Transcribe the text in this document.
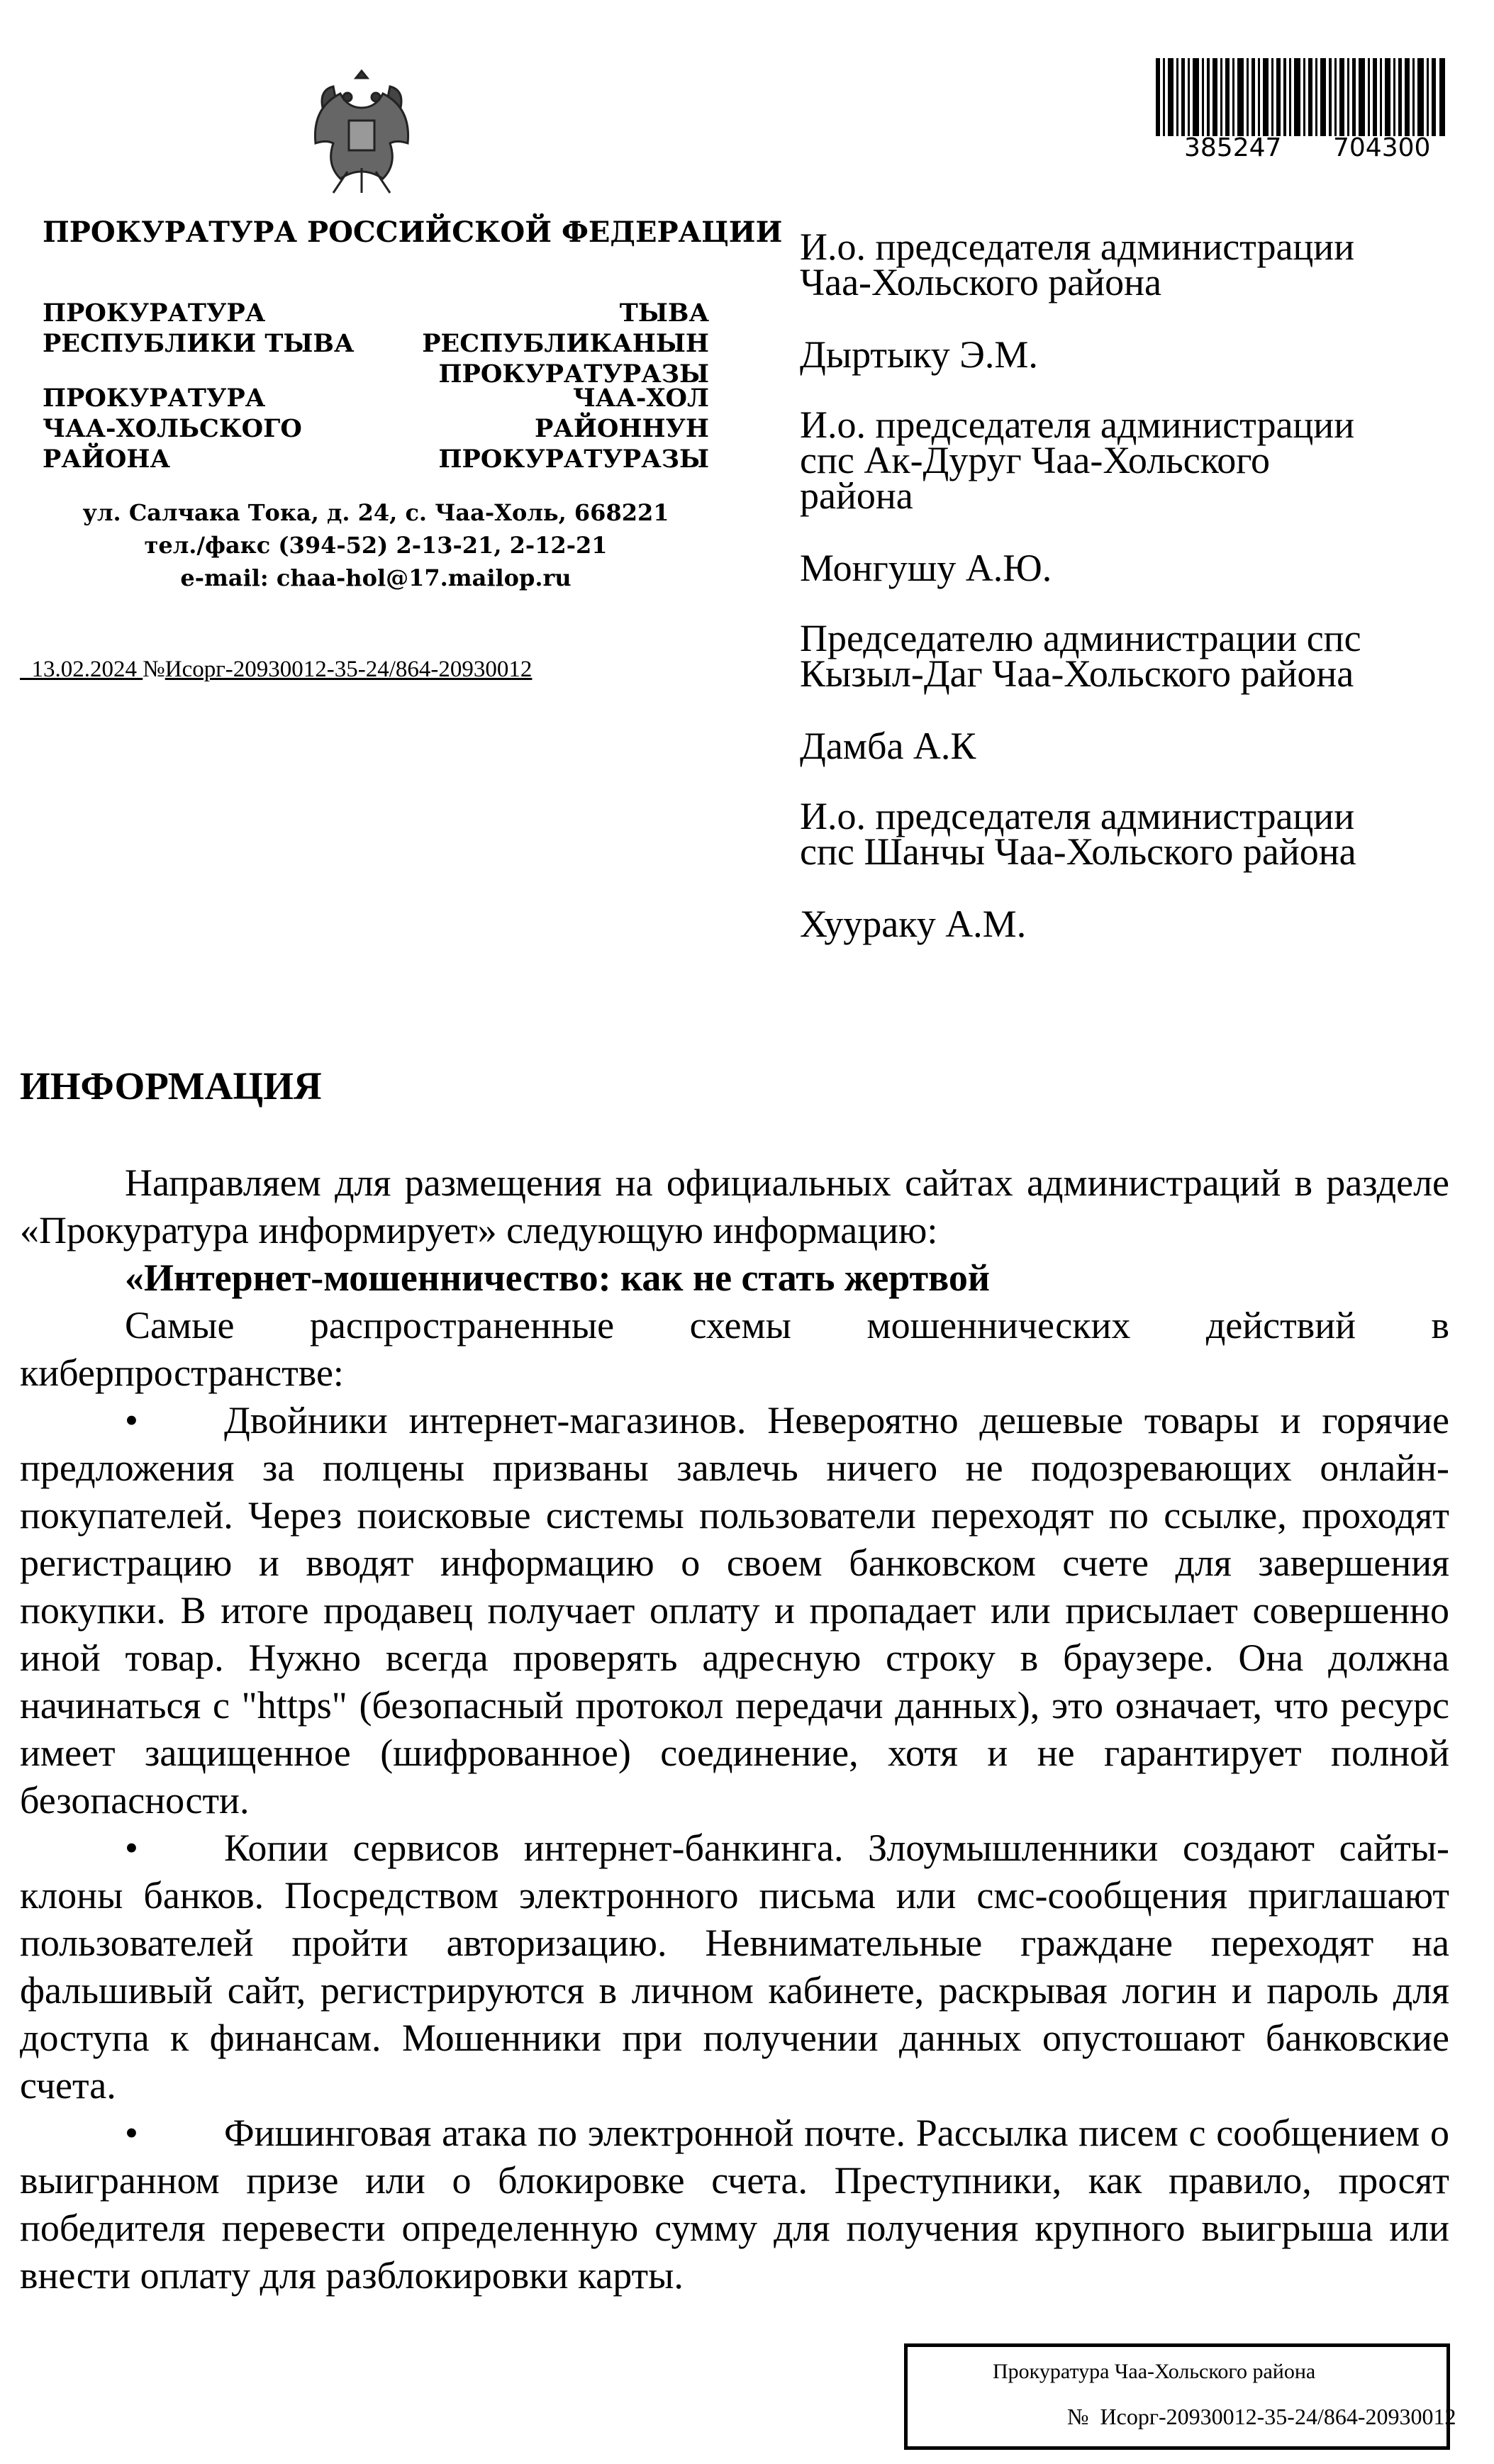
ПРОКУРАТУРА РОССИЙСКОЙ ФЕДЕРАЦИИ
ПРОКУРАТУРА
РЕСПУБЛИКИ ТЫВА
ТЫВА РЕСПУБЛИКАНЫН
ПРОКУРАТУРАЗЫ
ПРОКУРАТУРА
ЧАА-ХОЛЬСКОГО
РАЙОНА
ЧАА-ХОЛ
РАЙОННУН
ПРОКУРАТУРАЗЫ
ул. Салчака Тока, д. 24, с. Чаа-Холь, 668221
тел./факс (394-52) 2-13-21, 2-12-21
e-mail: chaa-hol@17.mailop.ru
13.02.2024 №Исорг-20930012-35-24/864-20930012
385247 704300
И.о. председателя администрации
Чаа-Хольского района
Дыртыку Э.М.
И.о. председателя администрации
спс Ак-Дуруг Чаа-Хольского
района
Монгушу А.Ю.
Председателю администрации спс
Кызыл-Даг Чаа-Хольского района
Дамба А.К
И.о. председателя администрации
спс Шанчы Чаа-Хольского района
Хуураку А.М.
ИНФОРМАЦИЯ

Направляем для размещения на официальных сайтах администраций в разделе «Прокуратура информирует» следующую информацию:

«Интернет-мошенничество: как не стать жертвой

Самые распространенные схемы мошеннических действий в киберпространстве:

• Двойники интернет-магазинов. Невероятно дешевые товары и горячие предложения за полцены призваны завлечь ничего не подозревающих онлайн-покупателей. Через поисковые системы пользователи переходят по ссылке, проходят регистрацию и вводят информацию о своем банковском счете для завершения покупки. В итоге продавец получает оплату и пропадает или присылает совершенно иной товар. Нужно всегда проверять адресную строку в браузере. Она должна начинаться с "https" (безопасный протокол передачи данных), это означает, что ресурс имеет защищенное (шифрованное) соединение, хотя и не гарантирует полной безопасности.

• Копии сервисов интернет-банкинга. Злоумышленники создают сайты-клоны банков. Посредством электронного письма или смс-сообщения приглашают пользователей пройти авторизацию. Невнимательные граждане переходят на фальшивый сайт, регистрируются в личном кабинете, раскрывая логин и пароль для доступа к финансам. Мошенники при получении данных опустошают банковские счета.

• Фишинговая атака по электронной почте. Рассылка писем с сообщением о выигранном призе или о блокировке счета. Преступники, как правило, просят победителя перевести определенную сумму для получения крупного выигрыша или внести оплату для разблокировки карты.

Прокуратура Чаа-Хольского района
№ Исорг-20930012-35-24/864-20930012
